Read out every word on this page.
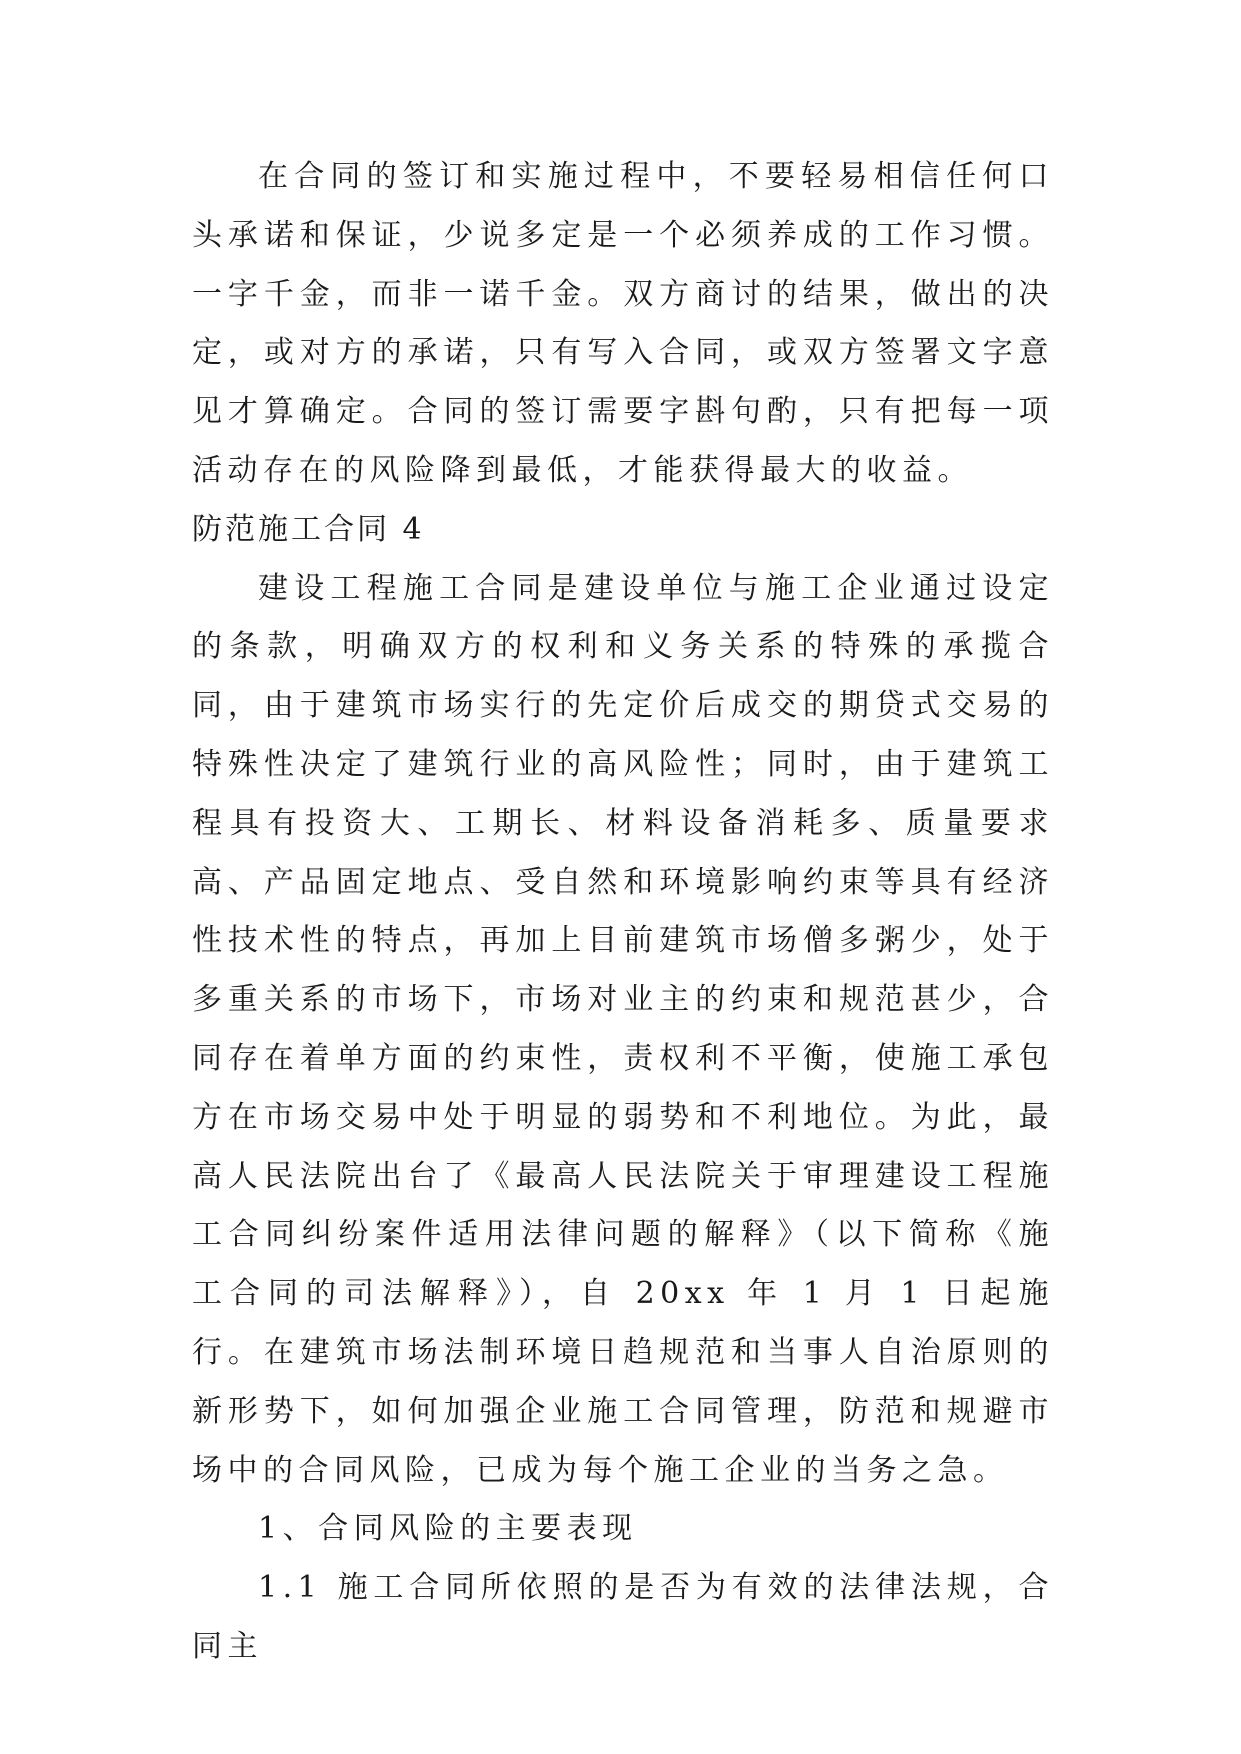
在合同的签订和实施过程中，不要轻易相信任何口头承诺和保证，少说多定是一个必须养成的工作习惯。一字千金，而非一诺千金。双方商讨的结果，做出的决定，或对方的承诺，只有写入合同，或双方签署文字意见才算确定。合同的签订需要字斟句酌，只有把每一项活动存在的风险降到最低，才能获得最大的收益。

防范施工合同 4

建设工程施工合同是建设单位与施工企业通过设定的条款，明确双方的权利和义务关系的特殊的承揽合同，由于建筑市场实行的先定价后成交的期贷式交易的特殊性决定了建筑行业的高风险性；同时，由于建筑工程具有投资大、工期长、材料设备消耗多、质量要求高、产品固定地点、受自然和环境影响约束等具有经济性技术性的特点，再加上目前建筑市场僧多粥少，处于多重关系的市场下，市场对业主的约束和规范甚少，合同存在着单方面的约束性，责权利不平衡，使施工承包方在市场交易中处于明显的弱势和不利地位。为此，最高人民法院出台了《最高人民法院关于审理建设工程施工合同纠纷案件适用法律问题的解释》（以下简称《施工合同的司法解释》），自 20xx 年 1 月 1 日起施行。在建筑市场法制环境日趋规范和当事人自治原则的新形势下，如何加强企业施工合同管理，防范和规避市场中的合同风险，已成为每个施工企业的当务之急。

1、合同风险的主要表现

1.1 施工合同所依照的是否为有效的法律法规，合同主
